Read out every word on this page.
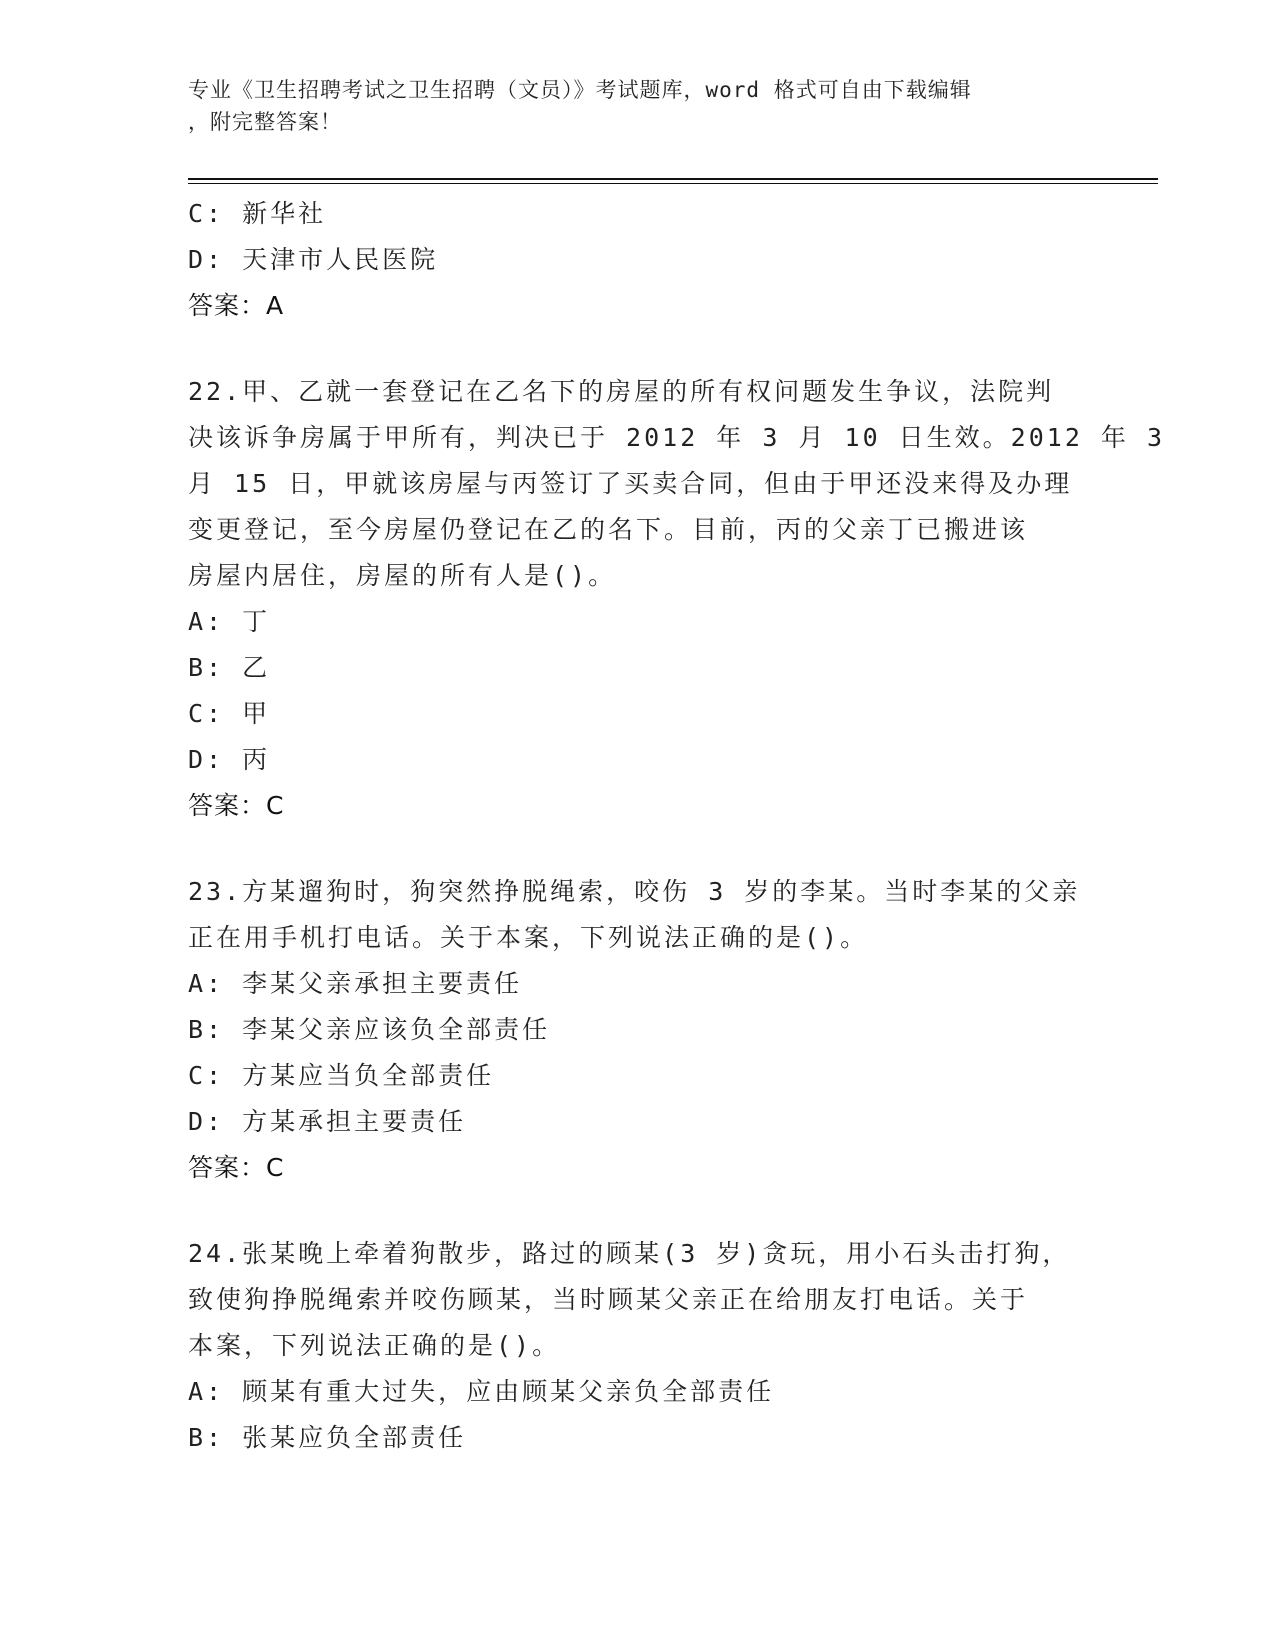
专业《卫生招聘考试之卫生招聘（文员）》考试题库，word 格式可自由下载编辑
，附完整答案！
C: 新华社
D: 天津市人民医院
答案：A
22.甲、乙就一套登记在乙名下的房屋的所有权问题发生争议，法院判
决该诉争房属于甲所有，判决已于 2012 年 3 月 10 日生效。2012 年 3
月 15 日，甲就该房屋与丙签订了买卖合同，但由于甲还没来得及办理
变更登记，至今房屋仍登记在乙的名下。目前，丙的父亲丁已搬进该
房屋内居住，房屋的所有人是()。
A: 丁
B: 乙
C: 甲
D: 丙
答案：C
23.方某遛狗时，狗突然挣脱绳索，咬伤 3 岁的李某。当时李某的父亲
正在用手机打电话。关于本案，下列说法正确的是()。
A: 李某父亲承担主要责任
B: 李某父亲应该负全部责任
C: 方某应当负全部责任
D: 方某承担主要责任
答案：C
24.张某晚上牵着狗散步，路过的顾某(3 岁)贪玩，用小石头击打狗，
致使狗挣脱绳索并咬伤顾某，当时顾某父亲正在给朋友打电话。关于
本案，下列说法正确的是()。
A: 顾某有重大过失，应由顾某父亲负全部责任
B: 张某应负全部责任
